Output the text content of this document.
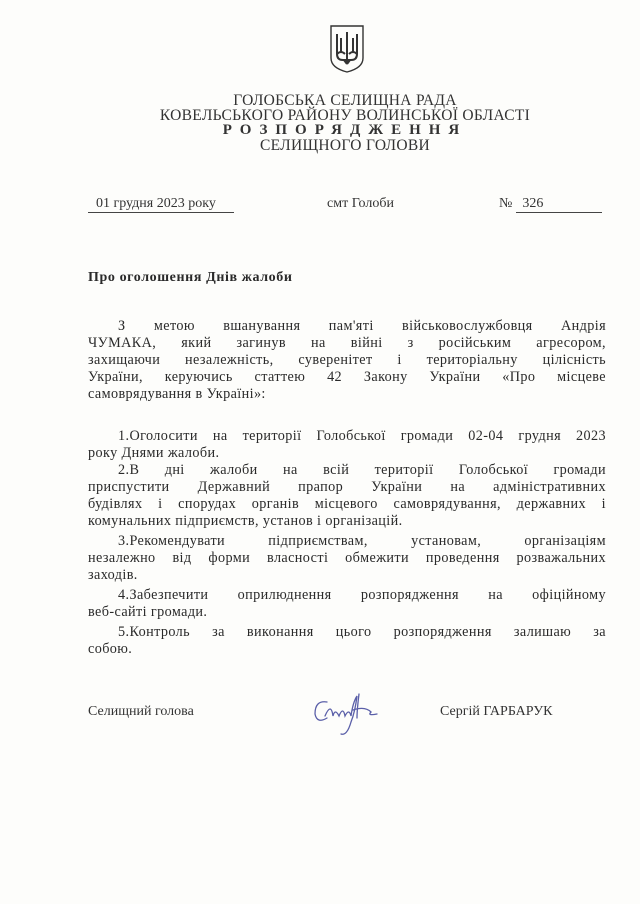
ГОЛОБСЬКА СЕЛИЩНА РАДА
КОВЕЛЬСЬКОГО РАЙОНУ ВОЛИНСЬКОЇ ОБЛАСТІ
РОЗПОРЯДЖЕННЯ
СЕЛИЩНОГО ГОЛОВИ
01 грудня 2023 року	смт Голоби	№ 326
Про оголошення Днів жалоби
З метою вшанування пам'яті військовослужбовця Андрія
ЧУМАКА, який загинув на війні з російським агресором,
захищаючи незалежність, суверенітет і територіальну цілісність
України, керуючись статтею 42 Закону України «Про місцеве
самоврядування в Україні»:
1.Оголосити на території Голобської громади 02-04 грудня 2023
року Днями жалоби.
2.В дні жалоби на всій території Голобської громади
приспустити Державний прапор України на адміністративних
будівлях і спорудах органів місцевого самоврядування, державних і
комунальних підприємств, установ і організацій.
3.Рекомендувати підприємствам, установам, організаціям
незалежно від форми власності обмежити проведення розважальних
заходів.
4.Забезпечити оприлюднення розпорядження на офіційному
веб-сайті громади.
5.Контроль за виконання цього розпорядження залишаю за
собою.
Селищний голова	Сергій ГАРБАРУК
